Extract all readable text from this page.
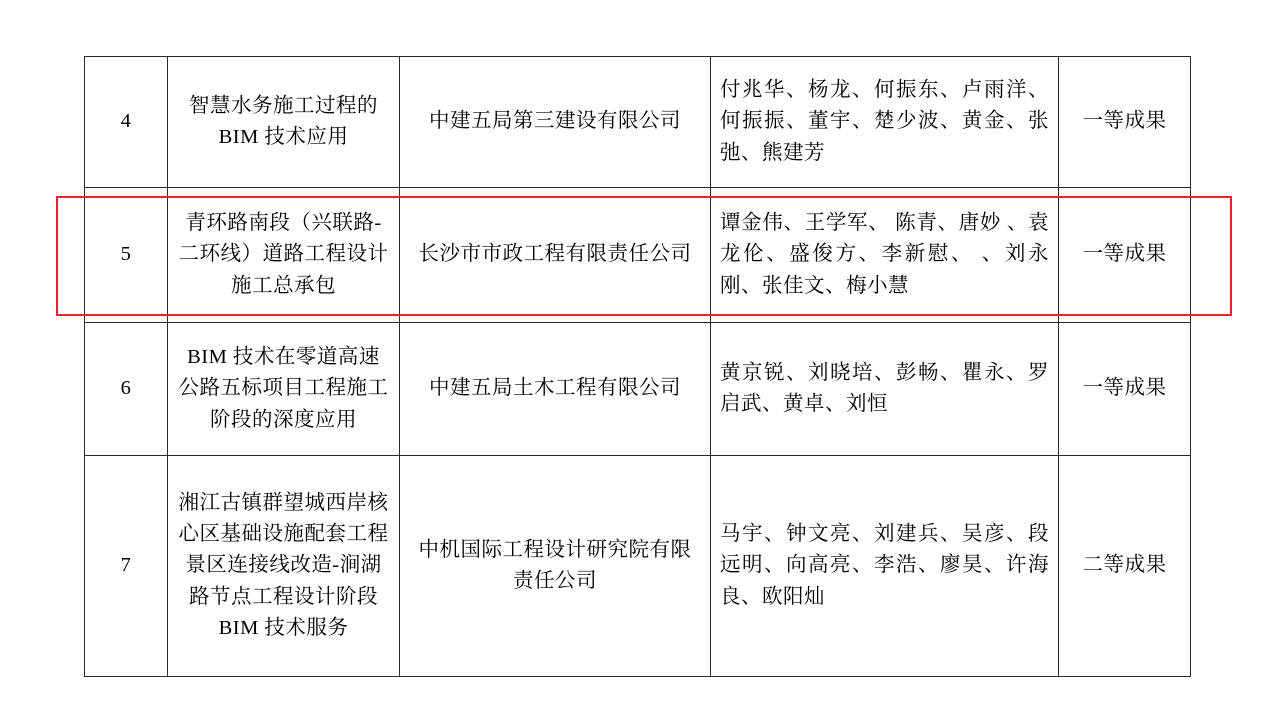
4	智慧水务施工过程的 BIM 技术应用	中建五局第三建设有限公司	付兆华、杨龙、何振东、卢雨洋、何振振、董宇、楚少波、黄金、张弛、熊建芳	一等成果
5	青环路南段（兴联路-二环线）道路工程设计施工总承包	长沙市市政工程有限责任公司	谭金伟、王学军、 陈青、唐妙 、袁龙伦、盛俊方、李新慰、 、刘永刚、张佳文、梅小慧	一等成果
6	BIM 技术在零道高速公路五标项目工程施工阶段的深度应用	中建五局土木工程有限公司	黄京锐、刘晓培、彭畅、瞿永、罗启武、黄卓、刘恒	一等成果
7	湘江古镇群望城西岸核心区基础设施配套工程景区连接线改造-涧湖路节点工程设计阶段 BIM 技术服务	中机国际工程设计研究院有限责任公司	马宇、钟文亮、刘建兵、吴彦、段远明、向高亮、李浩、廖昊、许海良、欧阳灿	二等成果
